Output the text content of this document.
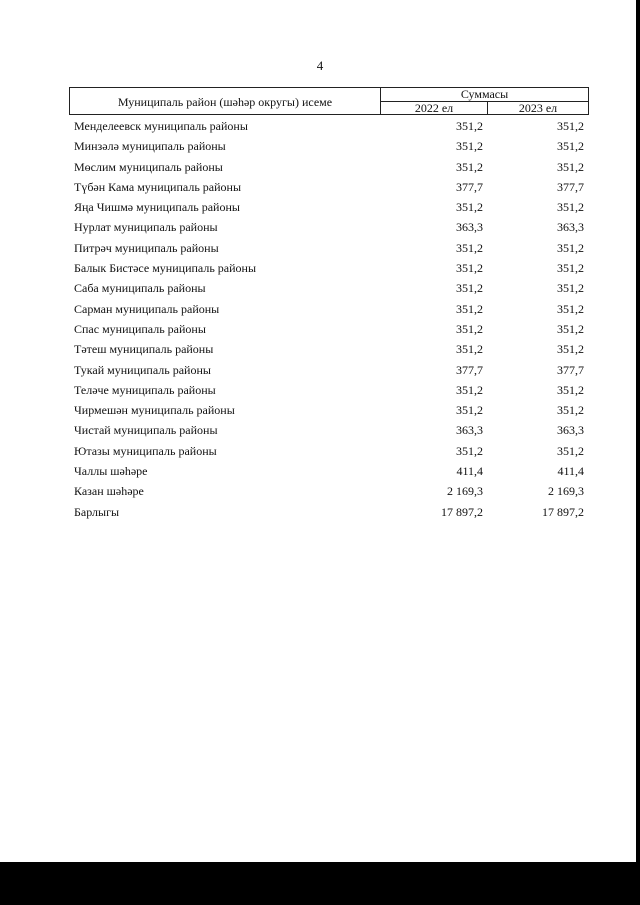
4
Муниципаль район (шәһәр округы) исеме
Суммасы
2022 ел	2023 ел
Менделеевск муниципаль районы	351,2	351,2
Минзәлә муниципаль районы	351,2	351,2
Мөслим муниципаль районы	351,2	351,2
Түбән Кама муниципаль районы	377,7	377,7
Яңа Чишмә муниципаль районы	351,2	351,2
Нурлат муниципаль районы	363,3	363,3
Питрәч муниципаль районы	351,2	351,2
Балык Бистәсе муниципаль районы	351,2	351,2
Саба муниципаль районы	351,2	351,2
Сарман муниципаль районы	351,2	351,2
Спас муниципаль районы	351,2	351,2
Тәтеш муниципаль районы	351,2	351,2
Тукай муниципаль районы	377,7	377,7
Теләче муниципаль районы	351,2	351,2
Чирмешән муниципаль районы	351,2	351,2
Чистай муниципаль районы	363,3	363,3
Ютазы муниципаль районы	351,2	351,2
Чаллы шәһәре	411,4	411,4
Казан шәһәре	2 169,3	2 169,3
Барлыгы	17 897,2	17 897,2
